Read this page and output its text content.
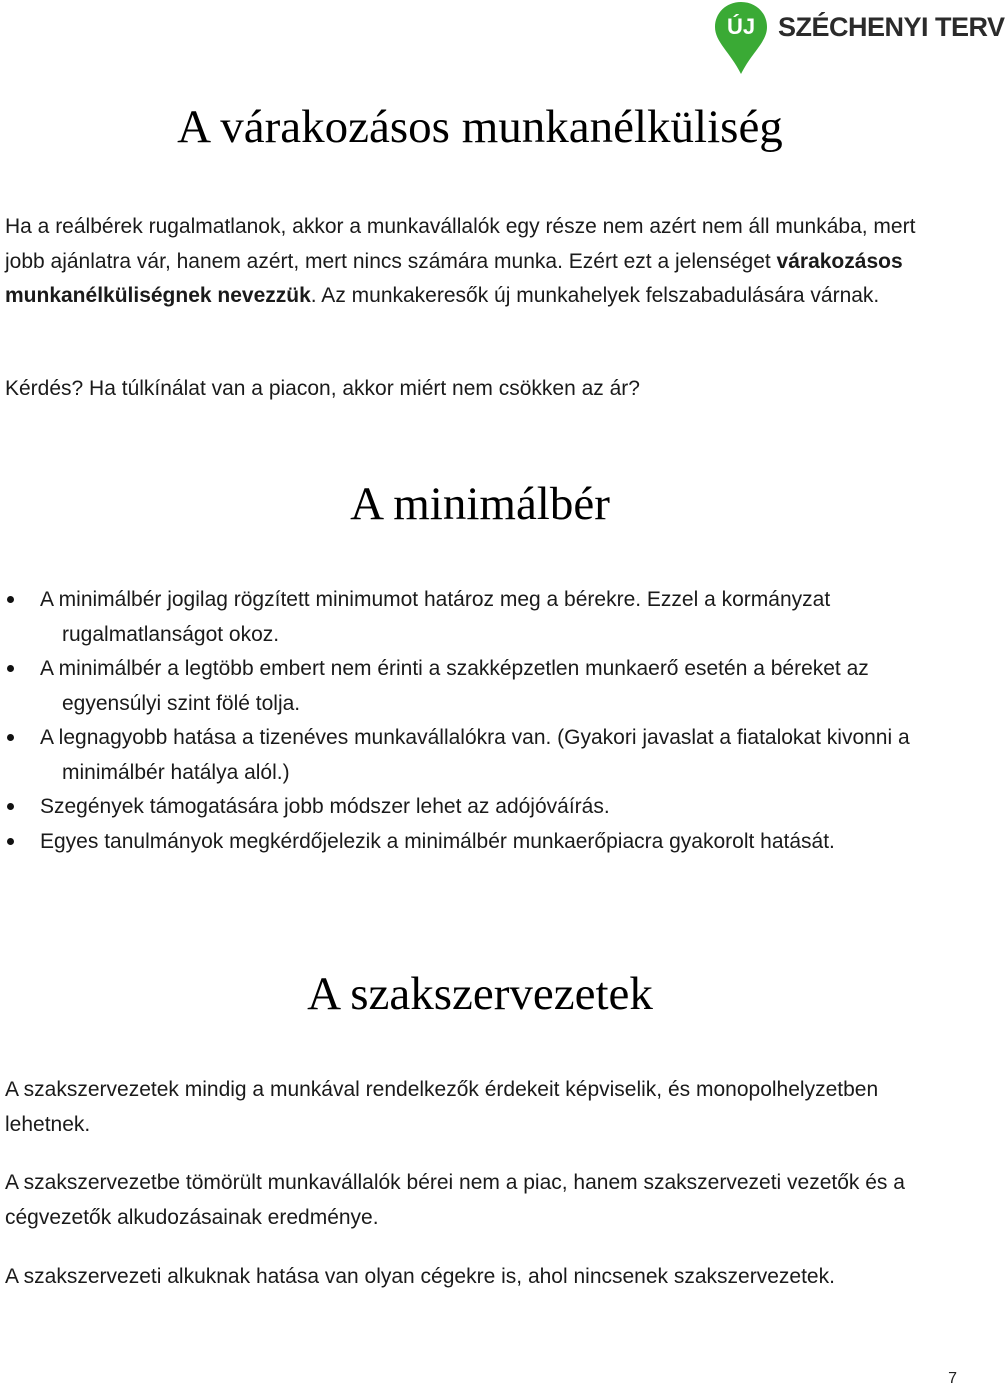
ÚJ SZÉCHENYI TERV
A várakozásos munkanélküliség

Ha a reálbérek rugalmatlanok, akkor a munkavállalók egy része nem azért nem áll munkába, mert jobb ajánlatra vár, hanem azért, mert nincs számára munka. Ezért ezt a jelenséget várakozásos munkanélküliségnek nevezzük. Az munkakeresők új munkahelyek felszabadulására várnak.

Kérdés? Ha túlkínálat van a piacon, akkor miért nem csökken az ár?

A minimálbér
A minimálbér jogilag rögzített minimumot határoz meg a bérekre. Ezzel a kormányzat rugalmatlanságot okoz.
A minimálbér a legtöbb embert nem érinti a szakképzetlen munkaerő esetén a béreket az egyensúlyi szint fölé tolja.
A legnagyobb hatása a tizenéves munkavállalókra van. (Gyakori javaslat a fiatalokat kivonni a minimálbér hatálya alól.)
Szegények támogatására jobb módszer lehet az adójóváírás.
Egyes tanulmányok megkérdőjelezik a minimálbér munkaerőpiacra gyakorolt hatását.
A szakszervezetek

A szakszervezetek mindig a munkával rendelkezők érdekeit képviselik, és monopolhelyzetben lehetnek.

A szakszervezetbe tömörült munkavállalók bérei nem a piac, hanem szakszervezeti vezetők és a cégvezetők alkudozásainak eredménye.

A szakszervezeti alkuknak hatása van olyan cégekre is, ahol nincsenek szakszervezetek.

7
